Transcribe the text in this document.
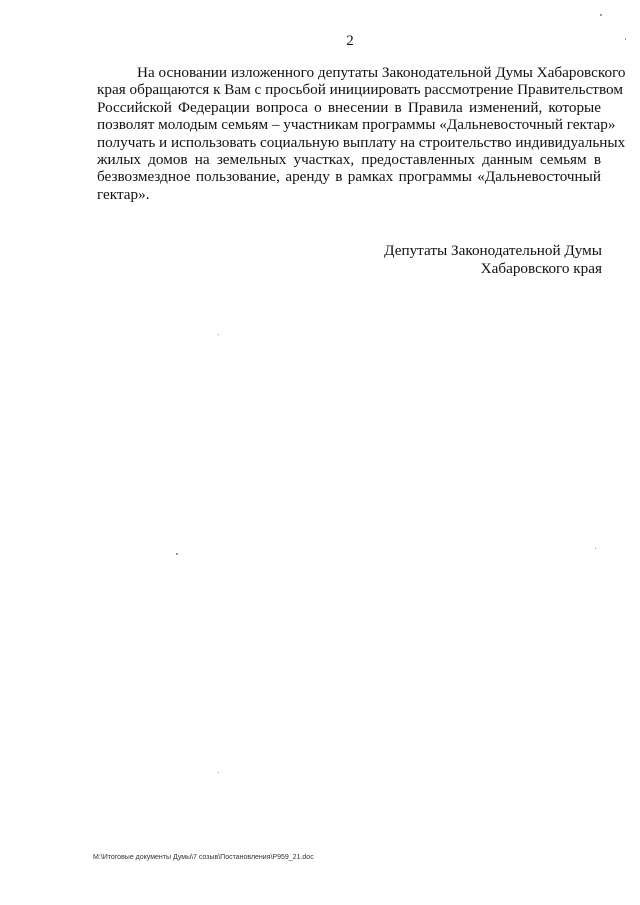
2
На основании изложенного депутаты Законодательной Думы Хабаровского
края обращаются к Вам с просьбой инициировать рассмотрение Правительством
Российской Федерации вопроса о внесении в Правила изменений, которые
позволят молодым семьям – участникам программы «Дальневосточный гектар»
получать и использовать социальную выплату на строительство индивидуальных
жилых домов на земельных участках, предоставленных данным семьям в
безвозмездное пользование, аренду в рамках программы «Дальневосточный
гектар».
Депутаты Законодательной Думы
Хабаровского края
M:\Итоговые документы Думы\7 созыв\Постановления\P959_21.doc
